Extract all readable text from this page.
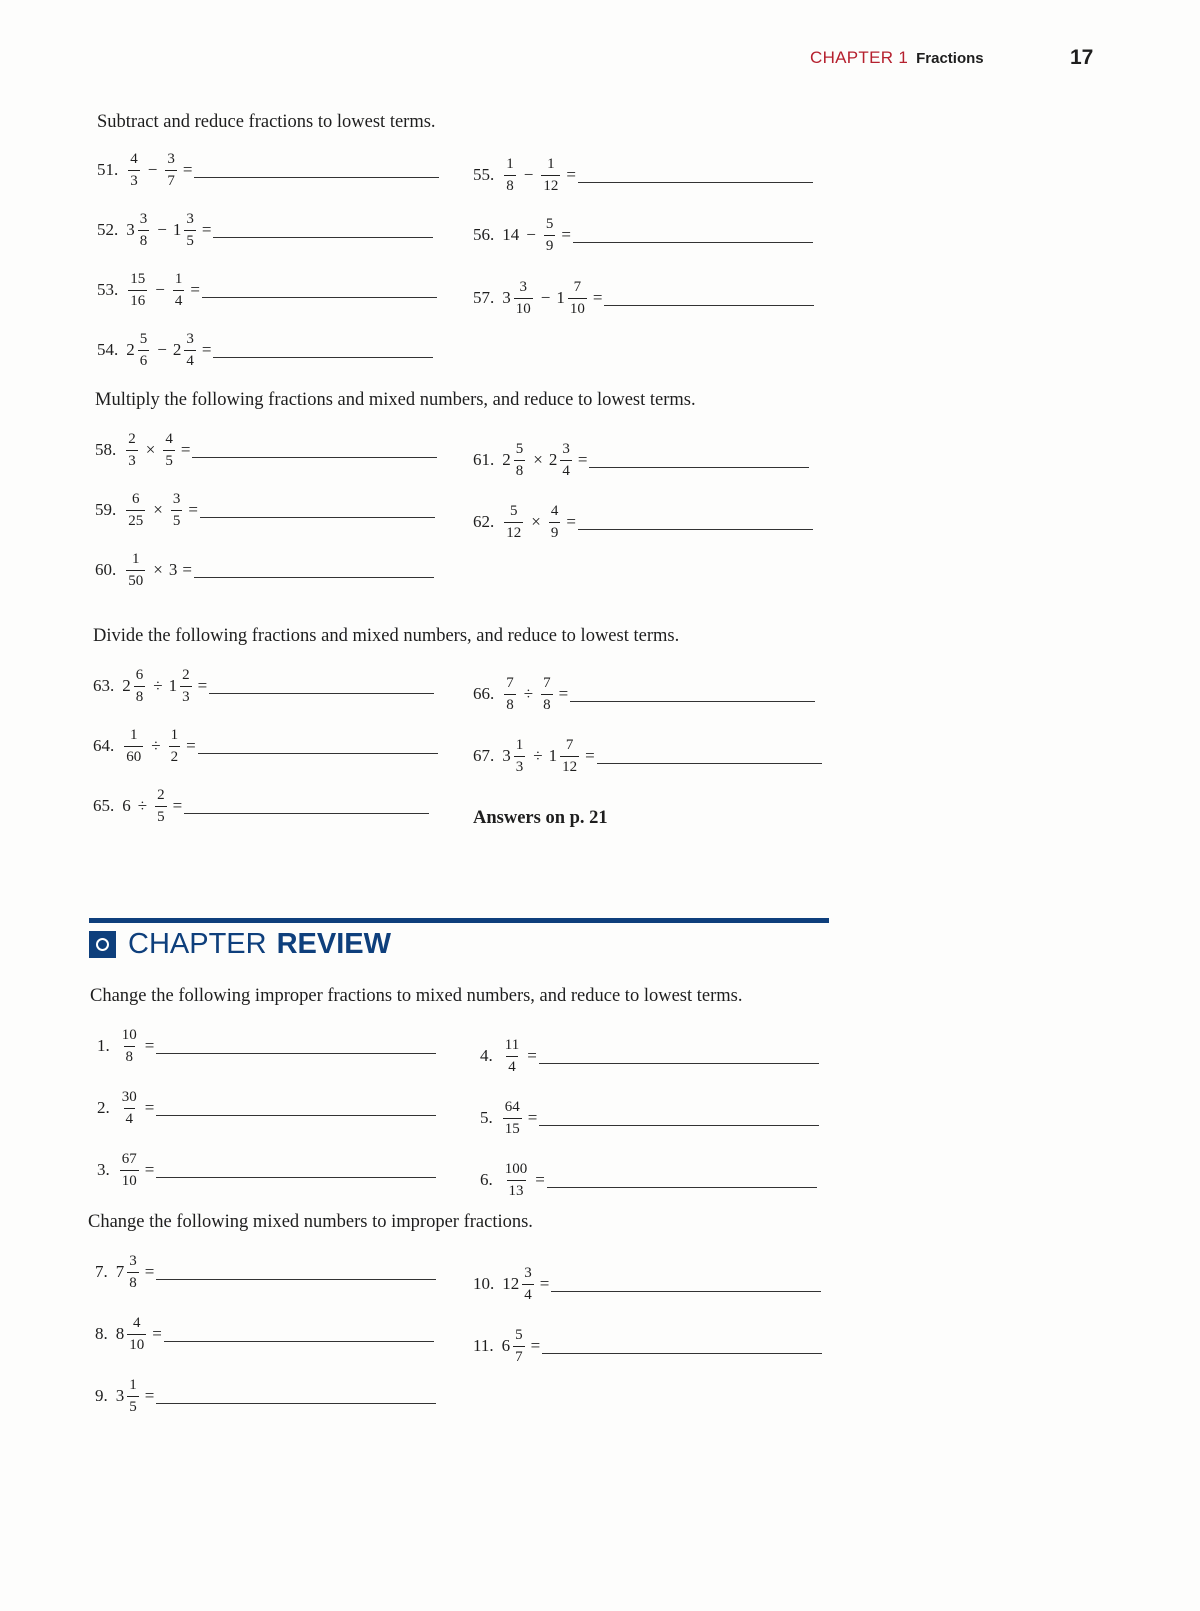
CHAPTER 1 Fractions	17
Subtract and reduce fractions to lowest terms.
51. $\frac{4}{3} - \frac{3}{7}$ =
52. $3 \frac{3}{8} - 1 \frac{3}{5}$ =
53. $\frac{15}{16} - \frac{1}{4}$ =
54. $2 \frac{5}{6} - 2 \frac{3}{4}$ =
55. $\frac{1}{8} - \frac{1}{12}$ =
56. $14 - \frac{5}{9}$ =
57. $3 \frac{3}{10} - 1 \frac{7}{10}$ =
Multiply the following fractions and mixed numbers, and reduce to lowest terms.
58. $\frac{2}{3} \times \frac{4}{5}$ =
59. $\frac{6}{25} \times \frac{3}{5}$ =
60. $\frac{1}{50} \times 3$ =
61. $2 \frac{5}{8} \times 2 \frac{3}{4}$ =
62. $\frac{5}{12} \times \frac{4}{9}$ =
Divide the following fractions and mixed numbers, and reduce to lowest terms.
63. $2 \frac{6}{8} \div 1 \frac{2}{3}$ =
64. $\frac{1}{60} \div \frac{1}{2}$ =
65. $6 \div \frac{2}{5}$ =
66. $\frac{7}{8} \div \frac{7}{8}$ =
67. $3 \frac{1}{3} \div 1 \frac{7}{12}$ =
Answers on p. 21
CHAPTER REVIEW
Change the following improper fractions to mixed numbers, and reduce to lowest terms.
1. $\frac{10}{8}$ =
2. $\frac{30}{4}$ =
3. $\frac{67}{10}$ =
4. $\frac{11}{4}$ =
5. $\frac{64}{15}$ =
6. $\frac{100}{13}$ =
Change the following mixed numbers to improper fractions.
7. $7 \frac{3}{8}$ =
8. $8 \frac{4}{10}$ =
9. $3 \frac{1}{5}$ =
10. $12 \frac{3}{4}$ =
11. $6 \frac{5}{7}$ =
